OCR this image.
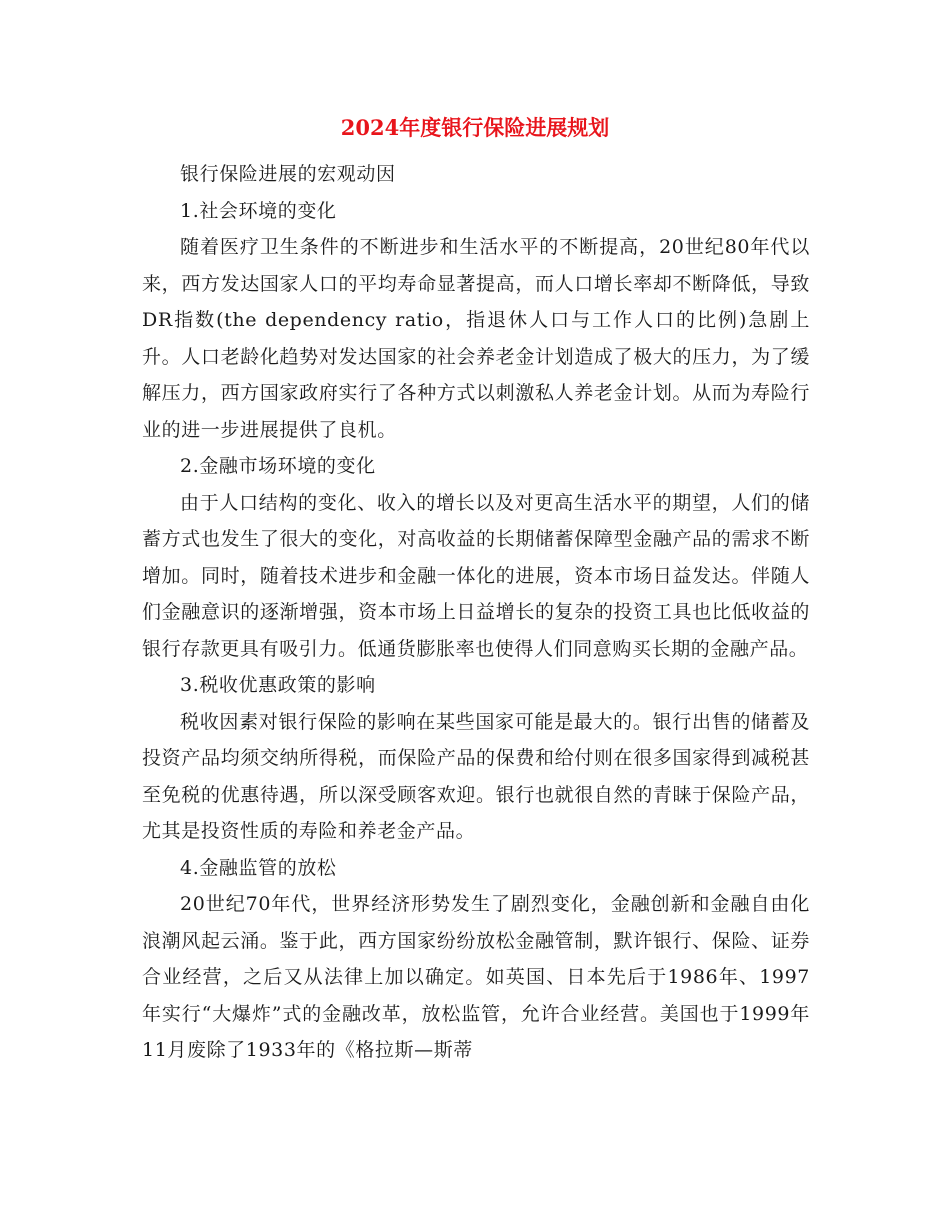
2024年度银行保险进展规划

银行保险进展的宏观动因

1.社会环境的变化

随着医疗卫生条件的不断进步和生活水平的不断提高，20世纪80年代以来，西方发达国家人口的平均寿命显著提高，而人口增长率却不断降低，导致DR指数(the dependency ratio，指退休人口与工作人口的比例)急剧上升。人口老龄化趋势对发达国家的社会养老金计划造成了极大的压力，为了缓解压力，西方国家政府实行了各种方式以刺激私人养老金计划。从而为寿险行业的进一步进展提供了良机。

2.金融市场环境的变化

由于人口结构的变化、收入的增长以及对更高生活水平的期望，人们的储蓄方式也发生了很大的变化，对高收益的长期储蓄保障型金融产品的需求不断增加。同时，随着技术进步和金融一体化的进展，资本市场日益发达。伴随人们金融意识的逐渐增强，资本市场上日益增长的复杂的投资工具也比低收益的银行存款更具有吸引力。低通货膨胀率也使得人们同意购买长期的金融产品。

3.税收优惠政策的影响

税收因素对银行保险的影响在某些国家可能是最大的。银行出售的储蓄及投资产品均须交纳所得税，而保险产品的保费和给付则在很多国家得到减税甚至免税的优惠待遇，所以深受顾客欢迎。银行也就很自然的青睐于保险产品，尤其是投资性质的寿险和养老金产品。

4.金融监管的放松

20世纪70年代，世界经济形势发生了剧烈变化，金融创新和金融自由化浪潮风起云涌。鉴于此，西方国家纷纷放松金融管制，默许银行、保险、证券合业经营，之后又从法律上加以确定。如英国、日本先后于1986年、1997年实行“大爆炸”式的金融改革，放松监管，允许合业经营。美国也于1999年11月废除了1933年的《格拉斯—斯蒂
